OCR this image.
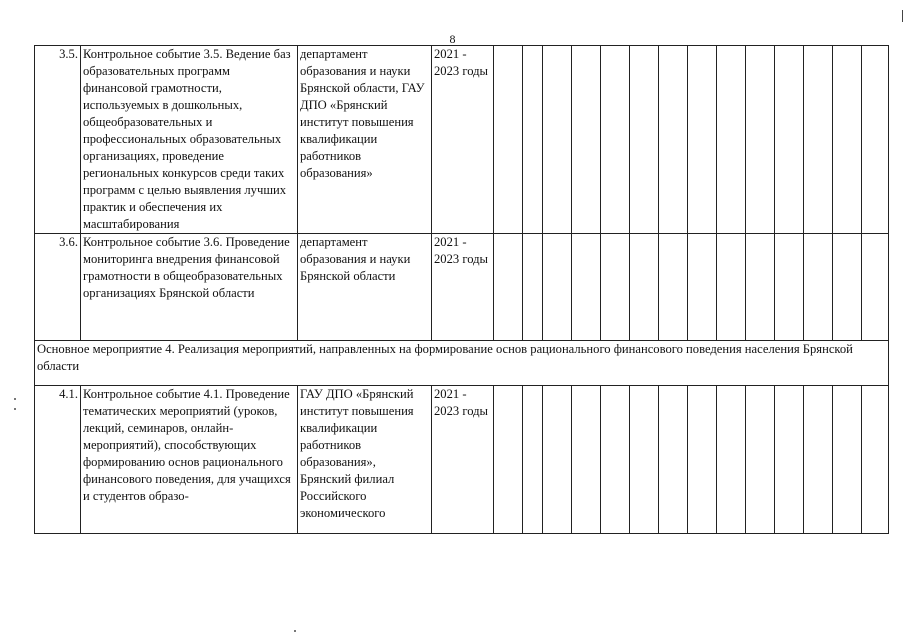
8
3.5.	Контрольное событие 3.5. Ведение баз образовательных программ финансовой грамотности, используемых в дошкольных, общеобразовательных и профессиональных образовательных организациях, проведение региональных конкурсов среди таких программ с целью выявления лучших практик и обеспечения их масштабирования	департамент образования и науки Брянской области, ГАУ ДПО «Брянский институт повышения квалификации работников образования»	2021 - 2023 годы														
3.6.	Контрольное событие 3.6. Проведение мониторинга внедрения финансовой грамотности в общеобразовательных организациях Брянской области	департамент образования и науки Брянской области	2021 - 2023 годы														
Основное мероприятие 4. Реализация мероприятий, направленных на формирование основ рационального финансового поведения населения Брянской области																	
4.1.	Контрольное событие 4.1. Проведение тематических мероприятий (уроков, лекций, семинаров, онлайн-мероприятий), способствующих формированию основ рационального финансового поведения, для учащихся и студентов образо-	ГАУ ДПО «Брянский институт повышения квалификации работников образования», Брянский филиал Российского экономического	2021 - 2023 годы														
